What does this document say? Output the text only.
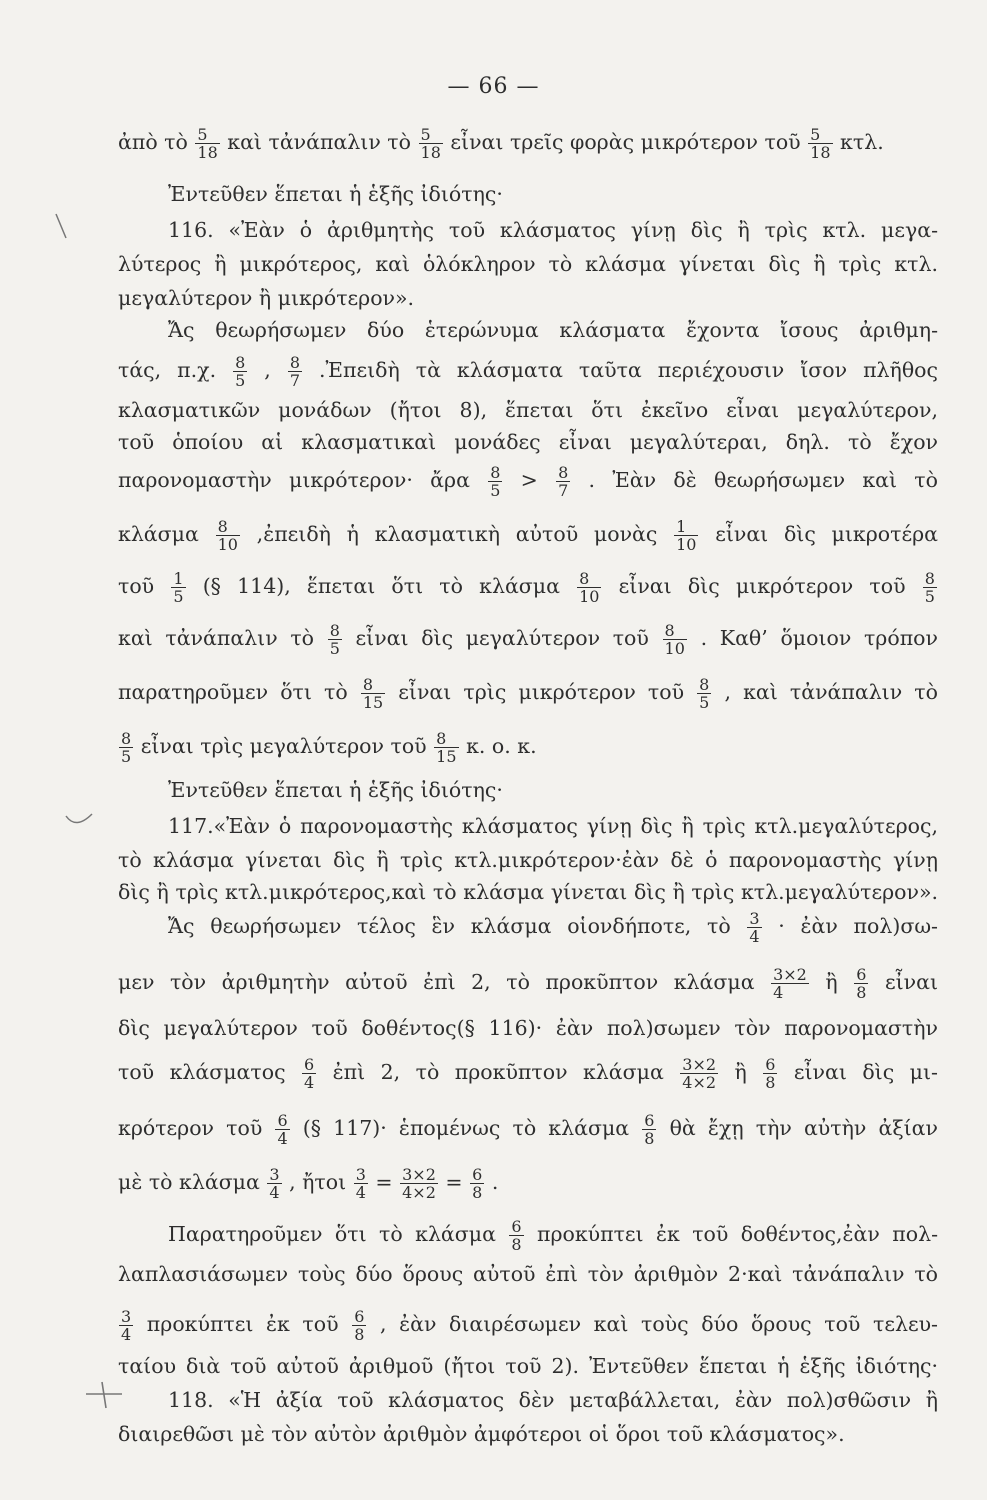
— 66 —
ἀπὸ τὸ $\frac{5}{18}$ καὶ τἀνάπαλιν τὸ $\frac{5}{18}$ εἶναι τρεῖς φορὰς μικρότερον τοῦ $\frac{5}{18} \kappa\tau\lambda$.
Ἐντεῦθεν ἕπεται ἡ ἑξῆς ἰδιότης·
116. «Ἐὰν ὁ ἀριθμητὴς τοῦ κλάσματος γίνῃ δὶς ἢ τρὶς κτλ. μεγα-
λύτερος ἢ μικρότερος, καὶ ὁλόκληρον τὸ κλάσμα γίνεται δὶς ἢ τρὶς κτλ.
μεγαλύτερον ἢ μικρότερον».
Ἄς θεωρήσωμεν δύο ἑτερώνυμα κλάσματα ἔχοντα ἴσους ἀριθμη-
τάς, π.χ. $\frac{8}{5}$ , $\frac{8}{7}$ .Ἐπειδὴ τὰ κλάσματα ταῦτα περιέχουσιν ἴσον πλῆθος
κλασματικῶν μονάδων (ἤτοι 8), ἕπεται ὅτι ἐκεῖνο εἶναι μεγαλύτερον,
τοῦ ὁποίου αἱ κλασματικαὶ μονάδες εἶναι μεγαλύτεραι, δηλ. τὸ ἔχον
παρονομαστὴν μικρότερον· ἄρα $\frac{8}{5} > \frac{8}{7}$ . Ἐὰν δὲ θεωρήσωμεν καὶ τὸ
κλάσμα $\frac{8}{10}$ ,ἐπειδὴ ἡ κλασματικὴ αὐτοῦ μονὰς $\frac{1}{10}$ εἶναι δὶς μικροτέρα
τοῦ $\frac{1}{5}$ (§ 114), ἕπεται ὅτι τὸ κλάσμα $\frac{8}{10}$ εἶναι δὶς μικρότερον τοῦ $\frac{8}{5}$
καὶ τἀνάπαλιν τὸ $\frac{8}{5}$ εἶναι δὶς μεγαλύτερον τοῦ $\frac{8}{10}$ . Καθ’ ὅμοιον τρόπον
παρατηροῦμεν ὅτι τὸ $\frac{8}{15}$ εἶναι τρὶς μικρότερον τοῦ $\frac{8}{5}$ , καὶ τἀνάπαλιν τὸ
$\frac{8}{5}$ εἶναι τρὶς μεγαλύτερον τοῦ $\frac{8}{15} \kappa$. ο. κ.
Ἐντεῦθεν ἕπεται ἡ ἑξῆς ἰδιότης·
117.«Ἐὰν ὁ παρονομαστὴς κλάσματος γίνῃ δὶς ἢ τρὶς κτλ.μεγαλύτερος,
τὸ κλάσμα γίνεται δὶς ἢ τρὶς κτλ.μικρότερον·ἐὰν δὲ ὁ παρονομαστὴς γίνῃ
δὶς ἢ τρὶς κτλ.μικρότερος,καὶ τὸ κλάσμα γίνεται δὶς ἢ τρὶς κτλ.μεγαλύτερον».
Ἄς θεωρήσωμεν τέλος ἓν κλάσμα οἱονδήποτε, τὸ $\frac{3}{4}$ · ἐὰν πολ)σω-
μεν τὸν ἀριθμητὴν αὐτοῦ ἐπὶ 2, τὸ προκῦπτον κλάσμα $\frac{3\times 2}{4}$ ἢ $\frac{6}{8}$ εἶναι
δὶς μεγαλύτερον τοῦ δοθέντος(§ 116)· ἐὰν πολ)σωμεν τὸν παρονομαστὴν
τοῦ κλάσματος $\frac{6}{4}$ ἐπὶ 2, τὸ προκῦπτον κλάσμα $\frac{3\times 2}{4\times 2}$ ἢ $\frac{6}{8}$ εἶναι δὶς μι-
κρότερον τοῦ $\frac{6}{4}$ (§ 117)· ἑπομένως τὸ κλάσμα $\frac{6}{8}$ θὰ ἔχῃ τὴν αὐτὴν ἀξίαν
μὲ τὸ κλάσμα $\frac{3}{4}$ , ἤτοι $\frac{3}{4} = \frac{3\times 2}{4\times 2} = \frac{6}{8}$ .
Παρατηροῦμεν ὅτι τὸ κλάσμα $\frac{6}{8}$ προκύπτει ἐκ τοῦ δοθέντος,ἐὰν πολ-
λαπλασιάσωμεν τοὺς δύο ὅρους αὐτοῦ ἐπὶ τὸν ἀριθμὸν 2·καὶ τἀνάπαλιν τὸ
$\frac{3}{4}$ προκύπτει ἐκ τοῦ $\frac{6}{8}$ , ἐὰν διαιρέσωμεν καὶ τοὺς δύο ὅρους τοῦ τελευ-
ταίου διὰ τοῦ αὐτοῦ ἀριθμοῦ (ἤτοι τοῦ 2). Ἐντεῦθεν ἕπεται ἡ ἑξῆς ἰδιότης·
118. «Ἡ ἀξία τοῦ κλάσματος δὲν μεταβάλλεται, ἐὰν πολ)σθῶσιν ἢ
διαιρεθῶσι μὲ τὸν αὐτὸν ἀριθμὸν ἀμφότεροι οἱ ὅροι τοῦ κλάσματος».
